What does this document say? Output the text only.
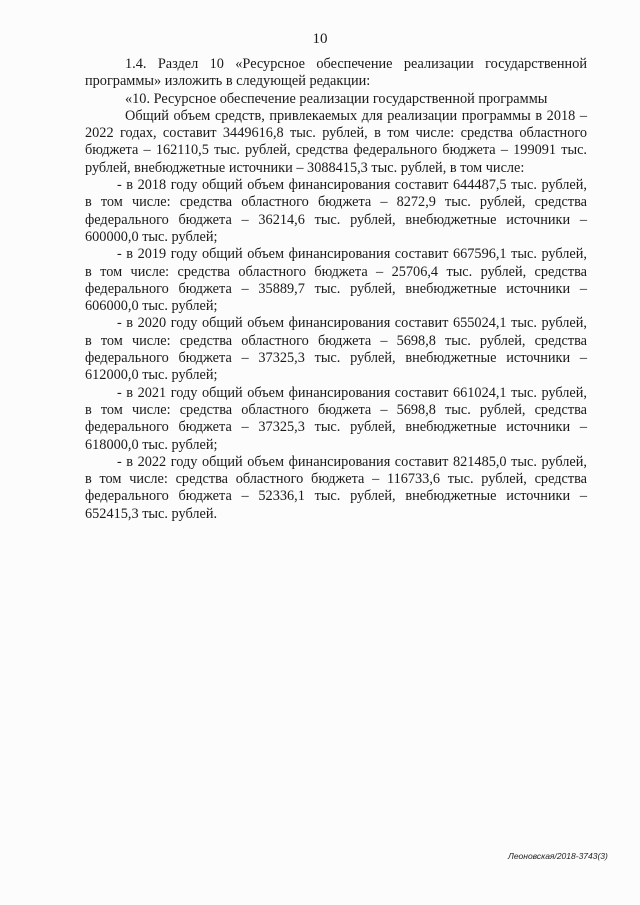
10

1.4. Раздел 10 «Ресурсное обеспечение реализации государственной программы» изложить в следующей редакции:

«10. Ресурсное обеспечение реализации государственной программы

Общий объем средств, привлекаемых для реализации программы в 2018 – 2022 годах, составит 3449616,8 тыс. рублей, в том числе: средства областного бюджета – 162110,5 тыс. рублей, средства федерального бюджета – 199091 тыс. рублей, внебюджетные источники – 3088415,3 тыс. рублей, в том числе:

- в 2018 году общий объем финансирования составит 644487,5 тыс. рублей, в том числе: средства областного бюджета – 8272,9 тыс. рублей, средства федерального бюджета – 36214,6 тыс. рублей, внебюджетные источники – 600000,0 тыс. рублей;

- в 2019 году общий объем финансирования составит 667596,1 тыс. рублей, в том числе: средства областного бюджета – 25706,4 тыс. рублей, средства федерального бюджета – 35889,7 тыс. рублей, внебюджетные источники – 606000,0 тыс. рублей;

- в 2020 году общий объем финансирования составит 655024,1 тыс. рублей, в том числе: средства областного бюджета – 5698,8 тыс. рублей, средства федерального бюджета – 37325,3 тыс. рублей, внебюджетные источники – 612000,0 тыс. рублей;

- в 2021 году общий объем финансирования составит 661024,1 тыс. рублей, в том числе: средства областного бюджета – 5698,8 тыс. рублей, средства федерального бюджета – 37325,3 тыс. рублей, внебюджетные источники – 618000,0 тыс. рублей;

- в 2022 году общий объем финансирования составит 821485,0 тыс. рублей, в том числе: средства областного бюджета – 116733,6 тыс. рублей, средства федерального бюджета – 52336,1 тыс. рублей, внебюджетные источники – 652415,3 тыс. рублей.

Леоновская/2018-3743(3)
